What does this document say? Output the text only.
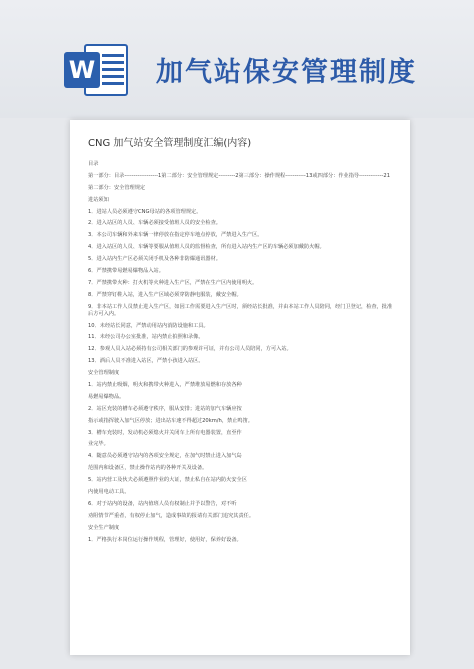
W 加气站保安管理制度
CNG 加气站安全管理制度汇编(内容)
目录
第一部分：目录------------------1第二部分：安全管理规定---------2第三部分：操作规程-----------13或四部分：作业指导-------------21
第二部分：安全管理规定
进站须知
1．进站人员必须遵守CNG母站的各项管理规定。
2．进入站区的人员、车辆必须接受值班人员的安全检查。
3．本公司车辆和外来车辆一律停放在指定停车地点停放，严禁进入生产区。
4．进入站区的人员、车辆等要服从值班人员的监督检查，所有进入站内生产区的车辆必须加戴防火帽。
5．进入站内生产区必须关闭手机及各种非防爆通讯器材。
6．严禁携带易燃易爆物品入站。
7．严禁携带火种：打火机等火种进入生产区，严禁在生产区内使用明火。
8．严禁穿钉鞋入站，进入生产区域必须穿防静电服装，戴安全帽。
9．非本站工作人员禁止进入生产区，如因工作需要进入生产区时，须经站长批准，并由本站工作人员陪同，经门卫登记，检查，批准后方可入内。
10．未经站长同意，严禁动用站内消防设施和工具。
11．未经公司办公室批准，站内禁止拍照和录像。
12．参观人员入站必须持有公司相关部门的参观许可证，并有公司人员陪同，方可入站。
13．酒后人员不准进入站区，严禁小孩进入站区。
安全管理制度
1．站内禁止吸烟，明火和携带火种进入，严禁堆放易燃和存放各种
易燃易爆物品。
2．站区充装的槽车必须遵守秩序，服从安排；进站的加气车辆应按
指示或指挥驶入加气区停放；进出站车速不得超过20km/h，禁止鸣笛。
3．槽车充装时，发动机必须熄火并关闭车上所有电器装置，直至作
业完毕。
4．随意员必须遵守站内的各项安全规定，在加气时禁止进入加气岛
范围内和设备区，禁止操作站内的各种开关及设备。
5．站内营工及伙夫必须遵照作业的大证，禁止私自在站内防火安全区
内使用电动工具。
6．对于站内的设备，站内值班人员有权制止并予以警告，对不听
劝阻情节严重者，有权停止加气，造成事故的报请有关部门追究其责任。
安全生产制度
1．严格执行本岗位运行操作规程，管理好，使用好，保养好设备。
